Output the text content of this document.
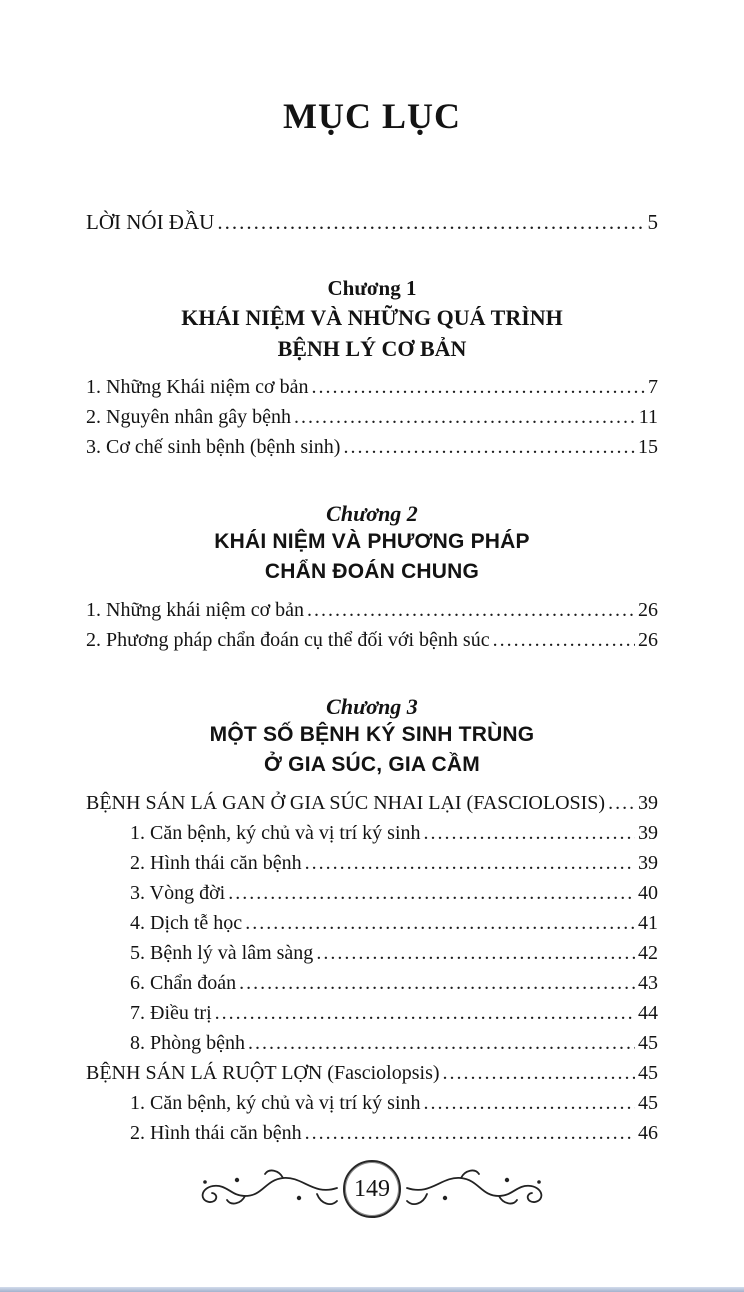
MỤC LỤC
LỜI NÓI ĐẦU .....	5
Chương 1
KHÁI NIỆM VÀ NHỮNG QUÁ TRÌNH
BỆNH LÝ CƠ BẢN
1. Những Khái niệm cơ bản .....	7
2. Nguyên nhân gây bệnh .....	11
3. Cơ chế sinh bệnh (bệnh sinh) .....	15
Chương 2
KHÁI NIỆM VÀ PHƯƠNG PHÁP
CHẨN ĐOÁN CHUNG
1. Những khái niệm cơ bản .....	26
2. Phương pháp chẩn đoán cụ thể đối với bệnh súc .....	26
Chương 3
MỘT SỐ BỆNH KÝ SINH TRÙNG
Ở GIA SÚC, GIA CẦM
BỆNH SÁN LÁ GAN Ở GIA SÚC NHAI LẠI (FASCIOLOSIS) ..... 39
1. Căn bệnh, ký chủ và vị trí ký sinh .....	39
2. Hình thái căn bệnh .....	39
3. Vòng đời .....	40
4. Dịch tễ học .....	41
5. Bệnh lý và lâm sàng .....	42
6. Chẩn đoán .....	43
7. Điều trị .....	44
8. Phòng bệnh .....	45
BỆNH SÁN LÁ RUỘT LỢN (Fasciolopsis) .....	45
1. Căn bệnh, ký chủ và vị trí ký sinh .....	45
2. Hình thái căn bệnh .....	46
149
